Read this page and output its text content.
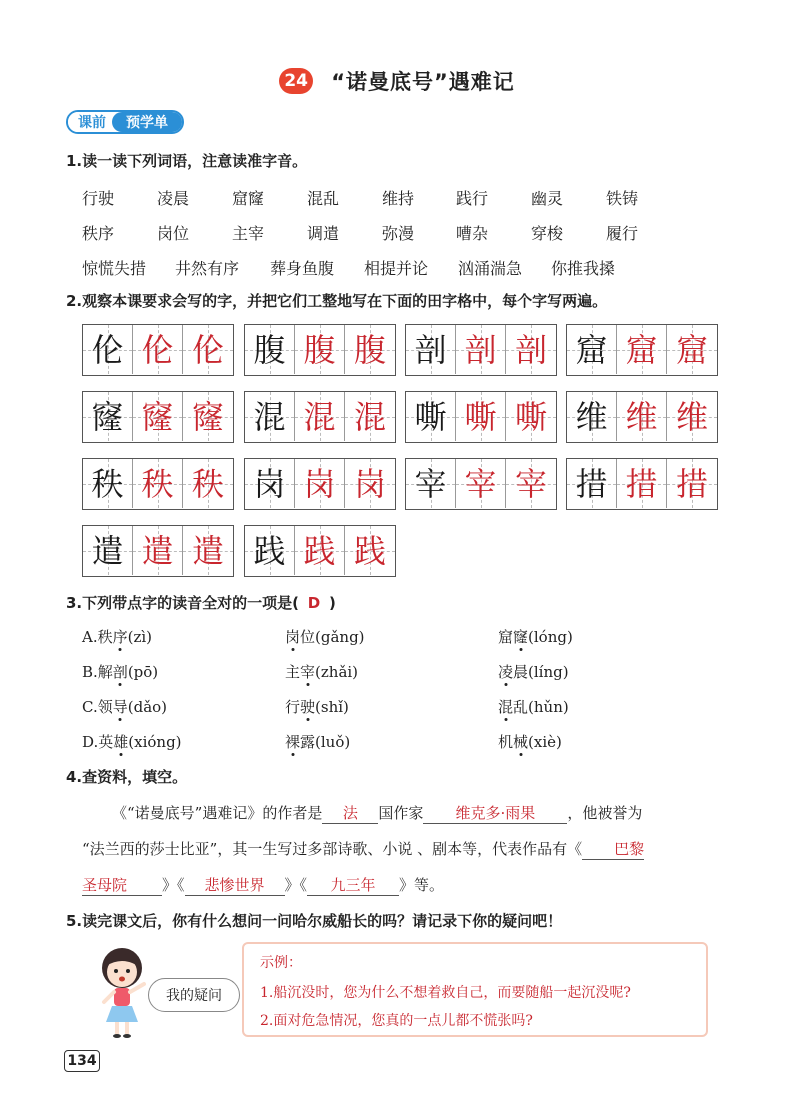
24 “诺曼底号”遇难记
课前	预学单
1.读一读下列词语，注意读准字音。
行驶	凌晨	窟窿	混乱	维持	践行	幽灵	铁铸
秩序	岗位	主宰	调遣	弥漫	嘈杂	穿梭	履行
惊慌失措 井然有序 葬身鱼腹 相提并论 汹涌湍急 你推我搡
2.观察本课要求会写的字，并把它们工整地写在下面的田字格中，每个字写两遍。
伦 伦 伦 腹 腹 腹 剖 剖 剖 窟 窟 窟
窿 窿 窿 混 混 混 嘶 嘶 嘶 维 维 维
秩 秩 秩 岗 岗 岗 宰 宰 宰 措 措 措
遣 遣 遣 践 践 践
3.下列带点字的读音全对的一项是( D )
A.秩序(zì)	岗位(gǎng)	窟窿(lóng)
B.解剖(pō)	主宰(zhǎi)	凌晨(líng)
C.领导(dǎo)	行驶(shǐ)	混乱(hǔn)
D.英雄(xióng)	裸露(luǒ)	机械(xiè)
4.查资料，填空。
《“诺曼底号”遇难记》的作者是 法 国作家 维克多·雨果 ，他被誉为
“法兰西的莎士比亚”，其一生写过多部诗歌、小说 、剧本等，代表作品有《 巴黎
圣母院 》《 悲惨世界 》《 九三年 》等。
5.读完课文后，你有什么想问一问哈尔威船长的吗？请记录下你的疑问吧！
我的疑问
示例：
1.船沉没时，您为什么不想着救自己，而要随船一起沉没呢?
2.面对危急情况，您真的一点儿都不慌张吗?
134
